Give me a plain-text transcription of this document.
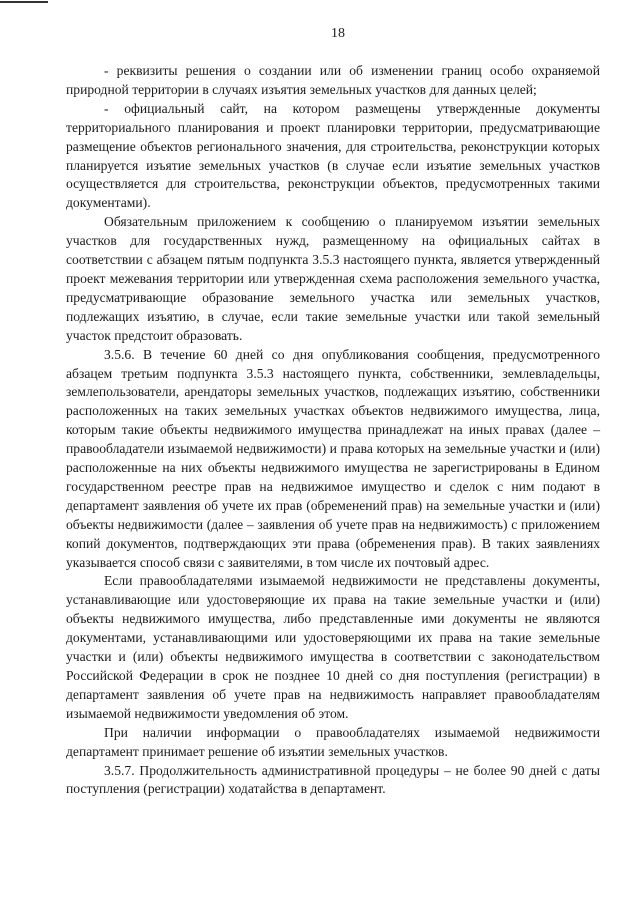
18

- реквизиты решения о создании или об изменении границ особо охраняемой природной территории в случаях изъятия земельных участков для данных целей;

- официальный сайт, на котором размещены утвержденные документы территориального планирования и проект планировки территории, предусматривающие размещение объектов регионального значения, для строительства, реконструкции которых планируется изъятие земельных участков (в случае если изъятие земельных участков осуществляется для строительства, реконструкции объектов, предусмотренных такими документами).

Обязательным приложением к сообщению о планируемом изъятии земельных участков для государственных нужд, размещенному на официальных сайтах в соответствии с абзацем пятым подпункта 3.5.3 настоящего пункта, является утвержденный проект межевания территории или утвержденная схема расположения земельного участка, предусматривающие образование земельного участка или земельных участков, подлежащих изъятию, в случае, если такие земельные участки или такой земельный участок предстоит образовать.

3.5.6. В течение 60 дней со дня опубликования сообщения, предусмотренного абзацем третьим подпункта 3.5.3 настоящего пункта, собственники, землевладельцы, землепользователи, арендаторы земельных участков, подлежащих изъятию, собственники расположенных на таких земельных участках объектов недвижимого имущества, лица, которым такие объекты недвижимого имущества принадлежат на иных правах (далее – правообладатели изымаемой недвижимости) и права которых на земельные участки и (или) расположенные на них объекты недвижимого имущества не зарегистрированы в Едином государственном реестре прав на недвижимое имущество и сделок с ним подают в департамент заявления об учете их прав (обременений прав) на земельные участки и (или) объекты недвижимости (далее – заявления об учете прав на недвижимость) с приложением копий документов, подтверждающих эти права (обременения прав). В таких заявлениях указывается способ связи с заявителями, в том числе их почтовый адрес.

Если правообладателями изымаемой недвижимости не представлены документы, устанавливающие или удостоверяющие их права на такие земельные участки и (или) объекты недвижимого имущества, либо представленные ими документы не являются документами, устанавливающими или удостоверяющими их права на такие земельные участки и (или) объекты недвижимого имущества в соответствии с законодательством Российской Федерации в срок не позднее 10 дней со дня поступления (регистрации) в департамент заявления об учете прав на недвижимость направляет правообладателям изымаемой недвижимости уведомления об этом.

При наличии информации о правообладателях изымаемой недвижимости департамент принимает решение об изъятии земельных участков.

3.5.7. Продолжительность административной процедуры – не более 90 дней с даты поступления (регистрации) ходатайства в департамент.
